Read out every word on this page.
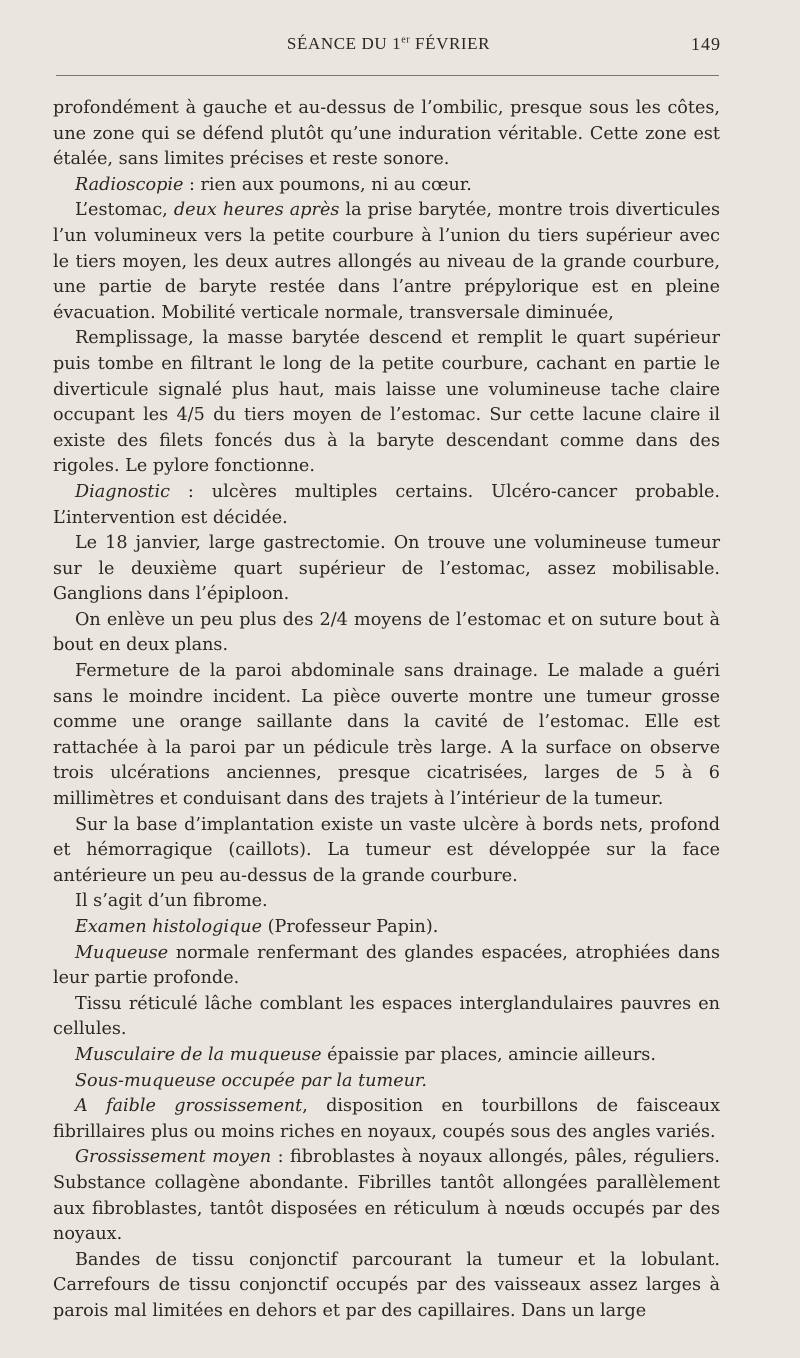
SÉANCE DU 1er FÉVRIER	149

profondément à gauche et au-dessus de l’ombilic, presque sous les côtes, une zone qui se défend plutôt qu’une induration véritable. Cette zone est étalée, sans limites précises et reste sonore.

Radioscopie : rien aux poumons, ni au cœur.

L’estomac, deux heures après la prise barytée, montre trois diverticules l’un volumineux vers la petite courbure à l’union du tiers supérieur avec le tiers moyen, les deux autres allongés au niveau de la grande courbure, une partie de baryte restée dans l’antre prépylorique est en pleine évacuation. Mobilité verticale normale, transversale diminuée,

Remplissage, la masse barytée descend et remplit le quart supérieur puis tombe en filtrant le long de la petite courbure, cachant en partie le diverticule signalé plus haut, mais laisse une volumineuse tache claire occupant les 4/5 du tiers moyen de l’estomac. Sur cette lacune claire il existe des filets foncés dus à la baryte descendant comme dans des rigoles. Le pylore fonctionne.

Diagnostic : ulcères multiples certains. Ulcéro-cancer probable. L’intervention est décidée.

Le 18 janvier, large gastrectomie. On trouve une volumineuse tumeur sur le deuxième quart supérieur de l’estomac, assez mobilisable. Ganglions dans l’épiploon.

On enlève un peu plus des 2/4 moyens de l’estomac et on suture bout à bout en deux plans.

Fermeture de la paroi abdominale sans drainage. Le malade a guéri sans le moindre incident. La pièce ouverte montre une tumeur grosse comme une orange saillante dans la cavité de l’estomac. Elle est rattachée à la paroi par un pédicule très large. A la surface on observe trois ulcérations anciennes, presque cicatrisées, larges de 5 à 6 millimètres et conduisant dans des trajets à l’intérieur de la tumeur.

Sur la base d’implantation existe un vaste ulcère à bords nets, profond et hémorragique (caillots). La tumeur est développée sur la face antérieure un peu au-dessus de la grande courbure.

Il s’agit d’un fibrome.

Examen histologique (Professeur Papin).

Muqueuse normale renfermant des glandes espacées, atrophiées dans leur partie profonde.

Tissu réticulé lâche comblant les espaces interglandulaires pauvres en cellules.

Musculaire de la muqueuse épaissie par places, amincie ailleurs.

Sous-muqueuse occupée par la tumeur.

A faible grossissement, disposition en tourbillons de faisceaux fibrillaires plus ou moins riches en noyaux, coupés sous des angles variés.

Grossissement moyen : fibroblastes à noyaux allongés, pâles, réguliers. Substance collagène abondante. Fibrilles tantôt allongées parallèlement aux fibroblastes, tantôt disposées en réticulum à nœuds occupés par des noyaux.

Bandes de tissu conjonctif parcourant la tumeur et la lobulant. Carrefours de tissu conjonctif occupés par des vaisseaux assez larges à parois mal limitées en dehors et par des capillaires. Dans un large
